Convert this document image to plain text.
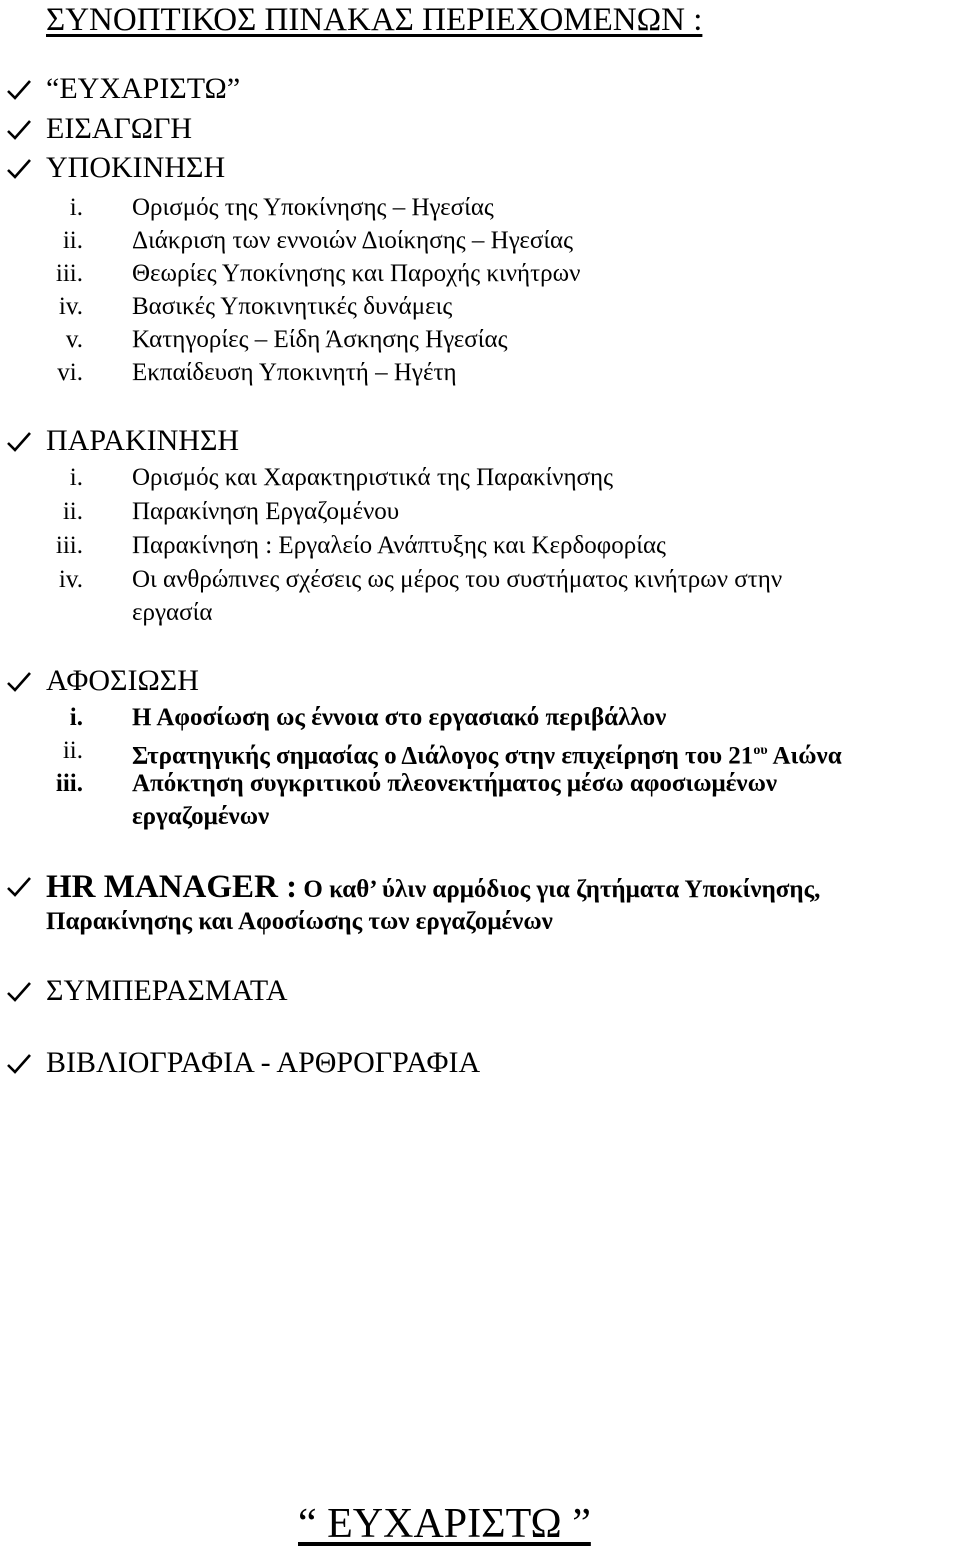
ΣΥΝΟΠΤΙΚΟΣ ΠΙΝΑΚΑΣ ΠΕΡΙΕΧΟΜΕΝΩΝ :
“ΕΥΧΑΡΙΣΤΩ”
ΕΙΣΑΓΩΓΗ
ΥΠΟΚΙΝΗΣΗ
i. Ορισμός της Υποκίνησης – Ηγεσίας
ii. Διάκριση των εννοιών Διοίκησης – Ηγεσίας
iii. Θεωρίες Υποκίνησης και Παροχής κινήτρων
iv. Βασικές Υποκινητικές δυνάμεις
v. Κατηγορίες – Είδη Άσκησης Ηγεσίας
vi. Εκπαίδευση Υποκινητή – Ηγέτη
ΠΑΡΑΚΙΝΗΣΗ
i. Ορισμός και Χαρακτηριστικά της Παρακίνησης
ii. Παρακίνηση Εργαζομένου
iii. Παρακίνηση : Εργαλείο Ανάπτυξης και Κερδοφορίας
iv. Οι ανθρώπινες σχέσεις ως μέρος του συστήματος κινήτρων στην
εργασία
ΑΦΟΣΙΩΣΗ
i. Η Αφοσίωση ως έννοια στο εργασιακό περιβάλλον
ii. Στρατηγικής σημασίας ο Διάλογος στην επιχείρηση του $21^{o\upsilon}$ Αιώνα
iii. Απόκτηση συγκριτικού πλεονεκτήματος μέσω αφοσιωμένων
εργαζομένων
HR MANAGER : Ο καθ’ ύλιν αρμόδιος για ζητήματα Υποκίνησης,
Παρακίνησης και Αφοσίωσης των εργαζομένων
ΣΥΜΠΕΡΑΣΜΑΤΑ
ΒΙΒΛΙΟΓΡΑΦΙΑ - ΑΡΘΡΟΓΡΑΦΙΑ
“ ΕΥΧΑΡΙΣΤΩ ”
